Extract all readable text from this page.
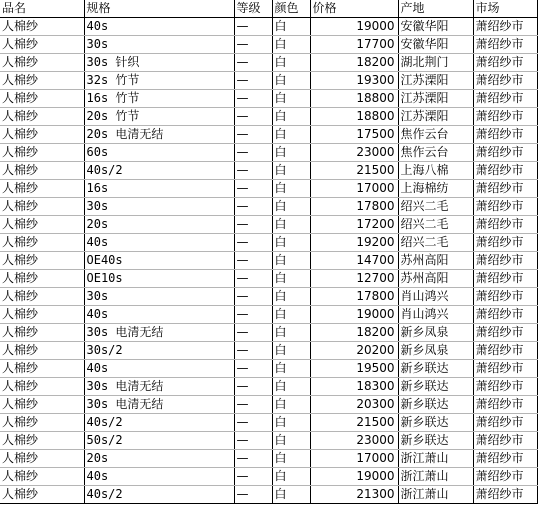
品名	规格	等级	颜色	价格	产地	市场
人棉纱	40s	—	白	19000	安徽华阳	萧绍纱市
人棉纱	30s	—	白	17700	安徽华阳	萧绍纱市
人棉纱	30s 针织	—	白	18200	湖北荆门	萧绍纱市
人棉纱	32s 竹节	—	白	19300	江苏溧阳	萧绍纱市
人棉纱	16s 竹节	—	白	18800	江苏溧阳	萧绍纱市
人棉纱	20s 竹节	—	白	18800	江苏溧阳	萧绍纱市
人棉纱	20s 电清无结	—	白	17500	焦作云台	萧绍纱市
人棉纱	60s	—	白	23000	焦作云台	萧绍纱市
人棉纱	40s/2	—	白	21500	上海八棉	萧绍纱市
人棉纱	16s	—	白	17000	上海棉纺	萧绍纱市
人棉纱	30s	—	白	17800	绍兴二毛	萧绍纱市
人棉纱	20s	—	白	17200	绍兴二毛	萧绍纱市
人棉纱	40s	—	白	19200	绍兴二毛	萧绍纱市
人棉纱	OE40s	—	白	14700	苏州高阳	萧绍纱市
人棉纱	OE10s	—	白	12700	苏州高阳	萧绍纱市
人棉纱	30s	—	白	17800	肖山鸿兴	萧绍纱市
人棉纱	40s	—	白	19000	肖山鸿兴	萧绍纱市
人棉纱	30s 电清无结	—	白	18200	新乡凤泉	萧绍纱市
人棉纱	30s/2	—	白	20200	新乡凤泉	萧绍纱市
人棉纱	40s	—	白	19500	新乡联达	萧绍纱市
人棉纱	30s 电清无结	—	白	18300	新乡联达	萧绍纱市
人棉纱	30s 电清无结	—	白	20300	新乡联达	萧绍纱市
人棉纱	40s/2	—	白	21500	新乡联达	萧绍纱市
人棉纱	50s/2	—	白	23000	新乡联达	萧绍纱市
人棉纱	20s	—	白	17000	浙江萧山	萧绍纱市
人棉纱	40s	—	白	19000	浙江萧山	萧绍纱市
人棉纱	40s/2	—	白	21300	浙江萧山	萧绍纱市
